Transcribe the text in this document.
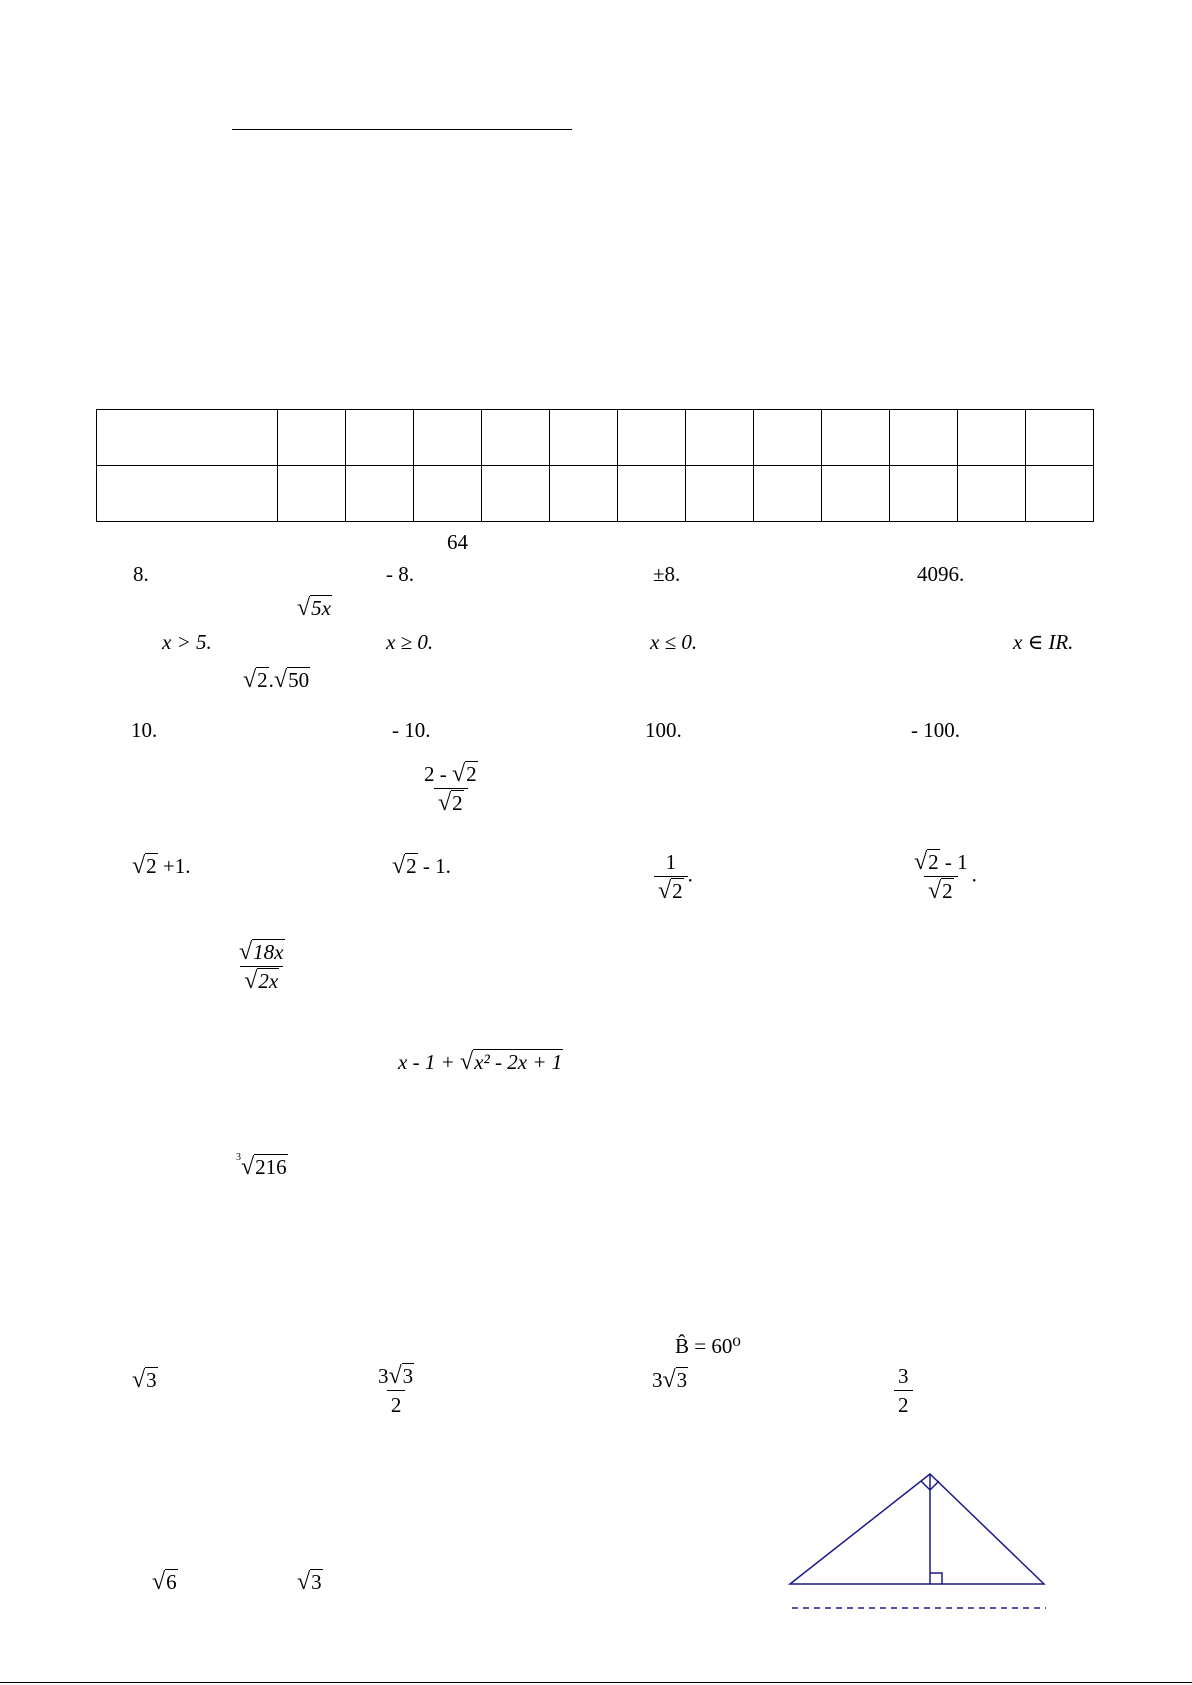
64
8.	- 8.	±8.	4096.
√5x
x > 5.	x ≥ 0.	x ≤ 0.	x ∈ IR.
√2.√50
10.	- 10.	100.	- 100.
$\frac{2 - √2}{√2}$
√2 +1.	√2 - 1.	$\frac{1}{√2}$ .	$\frac{√2 - 1}{√2}$ .
$\frac{√18x}{√2x}$
x - 1 + √x² - 2x + 1
$^3$√216
B̂ = 60⁰
√3	$\frac{3√3}{2}$	3√3	$\frac{3}{2}$
√6	√3
